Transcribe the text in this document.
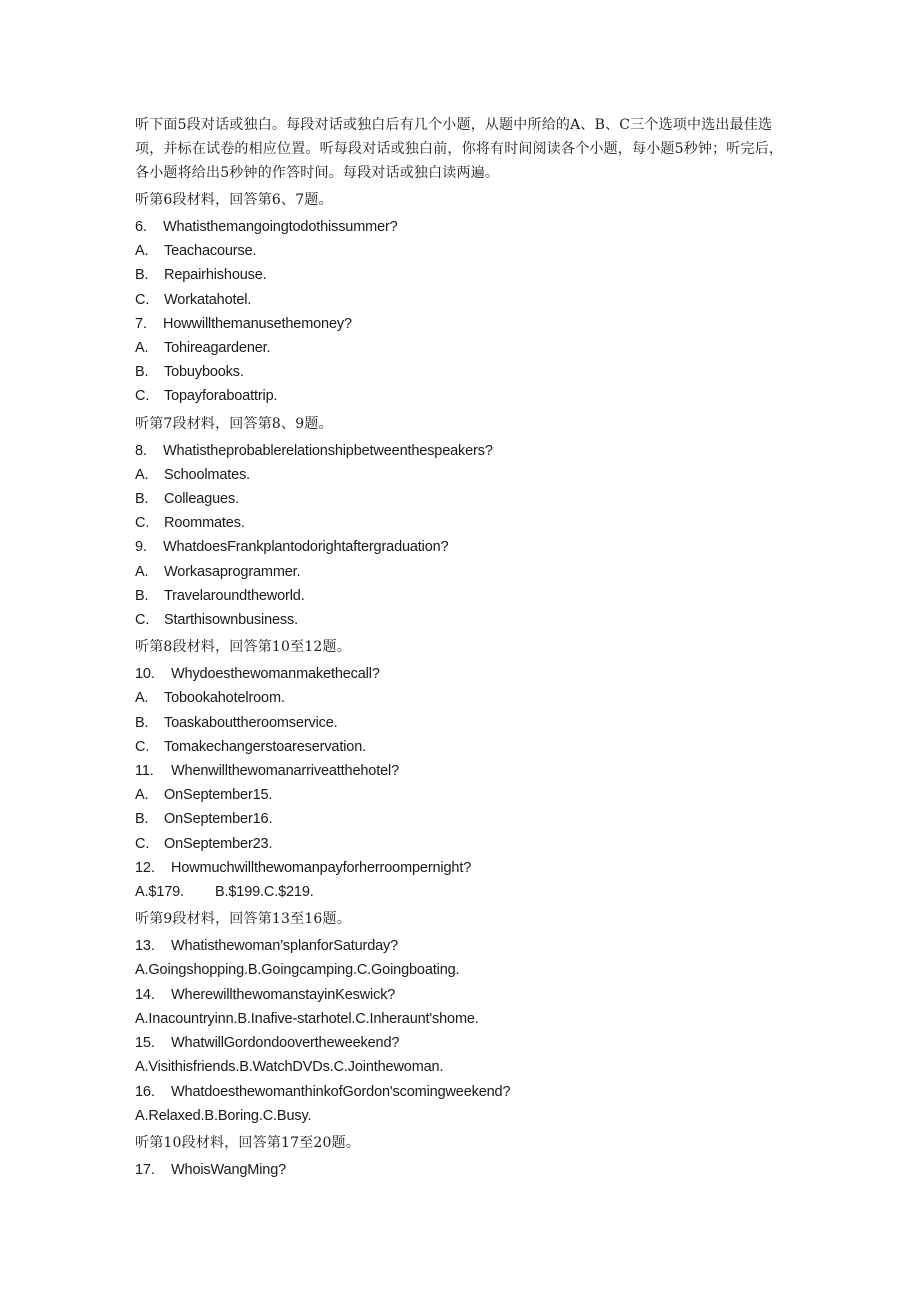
听下面5段对话或独白。每段对话或独白后有几个小题，从题中所给的A、B、C三个选项中选出最佳选项，并标在试卷的相应位置。听每段对话或独白前，你将有时间阅读各个小题，每小题5秒钟；听完后，各小题将给出5秒钟的作答时间。每段对话或独白读两遍。
听第6段材料，回答第6、7题。
6. Whatisthemangoingtodothissummer?
A. Teachacourse.
B. Repairhishouse.
C. Workatahotel.
7. Howwillthemanusethemoney?
A. Tohireagardener.
B. Tobuybooks.
C. Topayforaboattrip.
听第7段材料，回答第8、9题。
8. Whatistheprobablerelationshipbetweenthespeakers?
A. Schoolmates.
B. Colleagues.
C. Roommates.
9. WhatdoesFrankplantodorightaftergraduation?
A. Workasaprogrammer.
B. Travelaroundtheworld.
C. Starthisownbusiness.
听第8段材料，回答第10至12题。
10. Whydoesthewomanmakethecall?
A. Tobookahotelroom.
B. Toaskabouttheroomservice.
C. Tomakechangerstoareservation.
11. Whenwillthewomanarriveatthehotel?
A. OnSeptember15.
B. OnSeptember16.
C. OnSeptember23.
12. Howmuchwillthewomanpayforherroompernight?
A.$179.        B.$199.C.$219.
听第9段材料，回答第13至16题。
13. Whatisthewoman’splanforSaturday?
A.Goingshopping.B.Goingcamping.C.Goingboating.
14. WherewillthewomanstayinKeswick?
A.Inacountryinn.B.Inafive-starhotel.C.Inheraunt'shome.
15. WhatwillGordondoovertheweekend?
A.Visithisfriends.B.WatchDVDs.C.Jointhewoman.
16. WhatdoesthewomanthinkofGordon'scomingweekend?
A.Relaxed.B.Boring.C.Busy.
听第10段材料，回答第17至20题。
17. WhoisWangMing?
